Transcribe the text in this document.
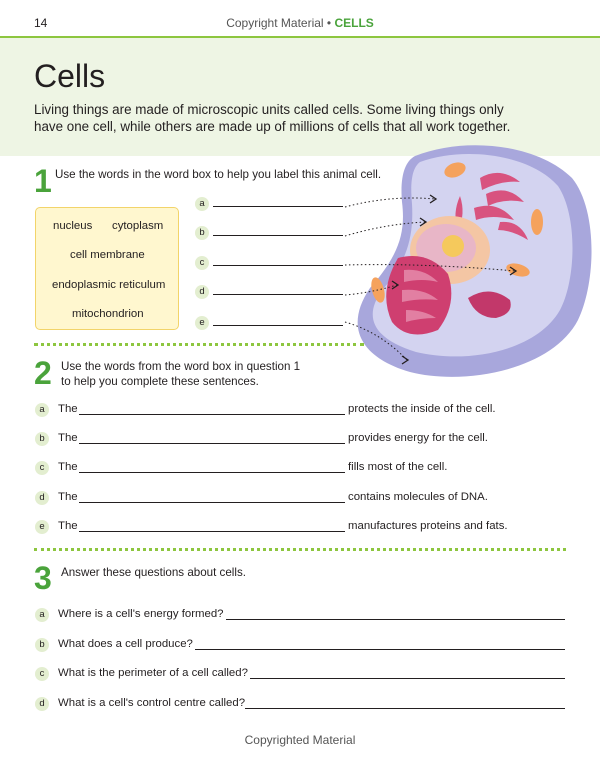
14	Copyright Material • CELLS
Cells
Living things are made of microscopic units called cells. Some living things only have one cell, while others are made up of millions of cells that all work together.
1 Use the words in the word box to help you label this animal cell.
nucleus cytoplasm
cell membrane
endoplasmic reticulum
mitochondrion
a
b
c
d
e
2 Use the words from the word box in question 1 to help you complete these sentences.
a	The	protects the inside of the cell.
b	The	provides energy for the cell.
c	The	fills most of the cell.
d	The	contains molecules of DNA.
e	The	manufactures proteins and fats.
3 Answer these questions about cells.
a	Where is a cell's energy formed?
b	What does a cell produce?
c	What is the perimeter of a cell called?
d	What is a cell's control centre called?
Copyrighted Material
